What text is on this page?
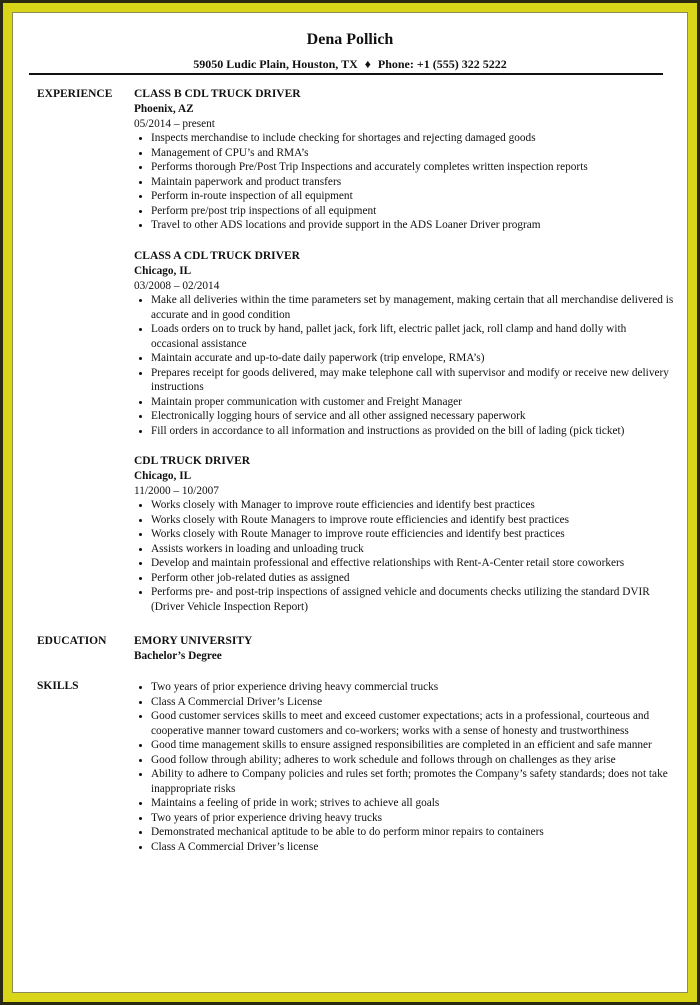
Dena Pollich
59050 Ludic Plain, Houston, TX ♦ Phone: +1 (555) 322 5222
EXPERIENCE CLASS B CDL TRUCK DRIVER
Phoenix, AZ
05/2014 – present
• Inspects merchandise to include checking for shortages and rejecting damaged goods
• Management of CPU’s and RMA’s
• Performs thorough Pre/Post Trip Inspections and accurately completes written inspection reports
• Maintain paperwork and product transfers
• Perform in-route inspection of all equipment
• Perform pre/post trip inspections of all equipment
• Travel to other ADS locations and provide support in the ADS Loaner Driver program
CLASS A CDL TRUCK DRIVER
Chicago, IL
03/2008 – 02/2014
• Make all deliveries within the time parameters set by management, making certain that all merchandise delivered is accurate and in good condition
• Loads orders on to truck by hand, pallet jack, fork lift, electric pallet jack, roll clamp and hand dolly with occasional assistance
• Maintain accurate and up-to-date daily paperwork (trip envelope, RMA’s)
• Prepares receipt for goods delivered, may make telephone call with supervisor and modify or receive new delivery instructions
• Maintain proper communication with customer and Freight Manager
• Electronically logging hours of service and all other assigned necessary paperwork
• Fill orders in accordance to all information and instructions as provided on the bill of lading (pick ticket)
CDL TRUCK DRIVER
Chicago, IL
11/2000 – 10/2007
• Works closely with Manager to improve route efficiencies and identify best practices
• Works closely with Route Managers to improve route efficiencies and identify best practices
• Works closely with Route Manager to improve route efficiencies and identify best practices
• Assists workers in loading and unloading truck
• Develop and maintain professional and effective relationships with Rent-A-Center retail store coworkers
• Perform other job-related duties as assigned
• Performs pre- and post-trip inspections of assigned vehicle and documents checks utilizing the standard DVIR (Driver Vehicle Inspection Report)
EDUCATION EMORY UNIVERSITY
Bachelor’s Degree
SKILLS
•	Two years of prior experience driving heavy commercial trucks
• Class A Commercial Driver’s License
• Good customer services skills to meet and exceed customer expectations; acts in a professional, courteous and cooperative manner toward customers and co-workers; works with a sense of honesty and trustworthiness
• Good time management skills to ensure assigned responsibilities are completed in an efficient and safe manner
• Good follow through ability; adheres to work schedule and follows through on challenges as they arise
• Ability to adhere to Company policies and rules set forth; promotes the Company’s safety standards; does not take inappropriate risks
• Maintains a feeling of pride in work; strives to achieve all goals
• Two years of prior experience driving heavy trucks
• Demonstrated mechanical aptitude to be able to do perform minor repairs to containers
• Class A Commercial Driver’s license
